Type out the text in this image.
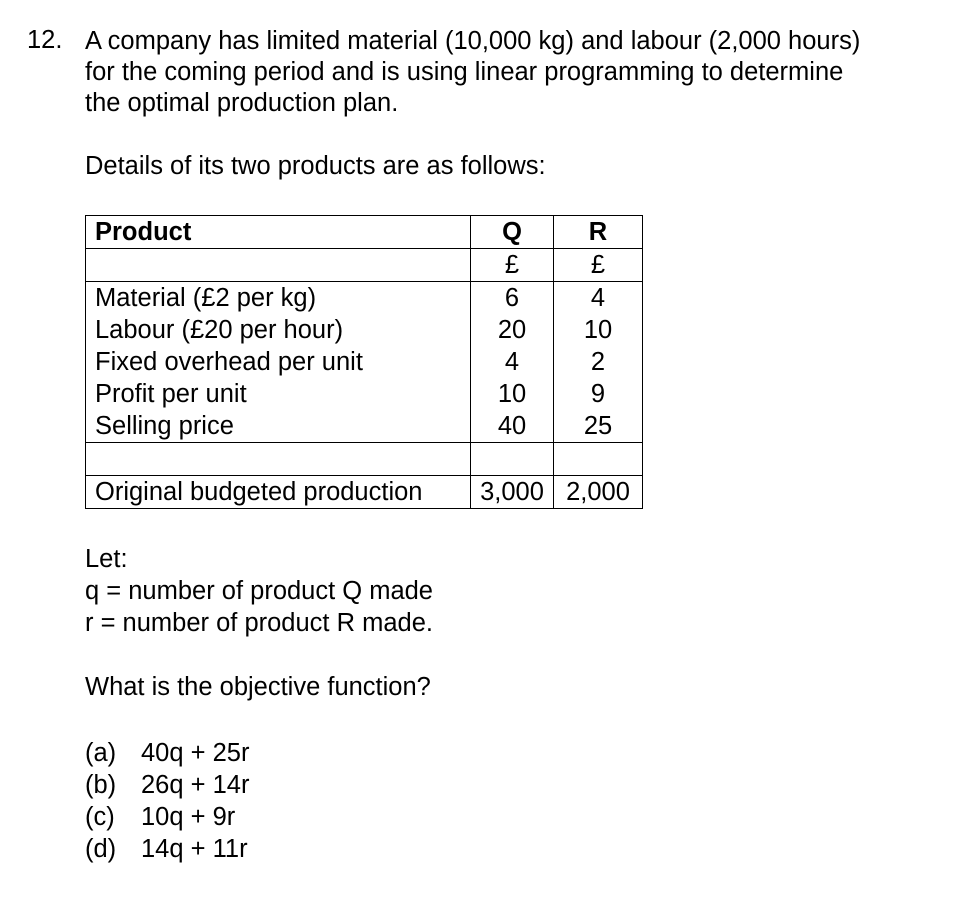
12. A company has limited material (10,000 kg) and labour (2,000 hours)
for the coming period and is using linear programming to determine
the optimal production plan.
Details of its two products are as follows:
Product	Q	R
	£	£
Material (£2 per kg)	6	4
Labour (£20 per hour)	20	10
Fixed overhead per unit	4	2
Profit per unit	10	9
Selling price	40	25

Original budgeted production	3,000	2,000
Let:
q = number of product Q made
r = number of product R made.
What is the objective function?
(a) 40q + 25r
(b) 26q + 14r
(c) 10q + 9r
(d) 14q + 11r
